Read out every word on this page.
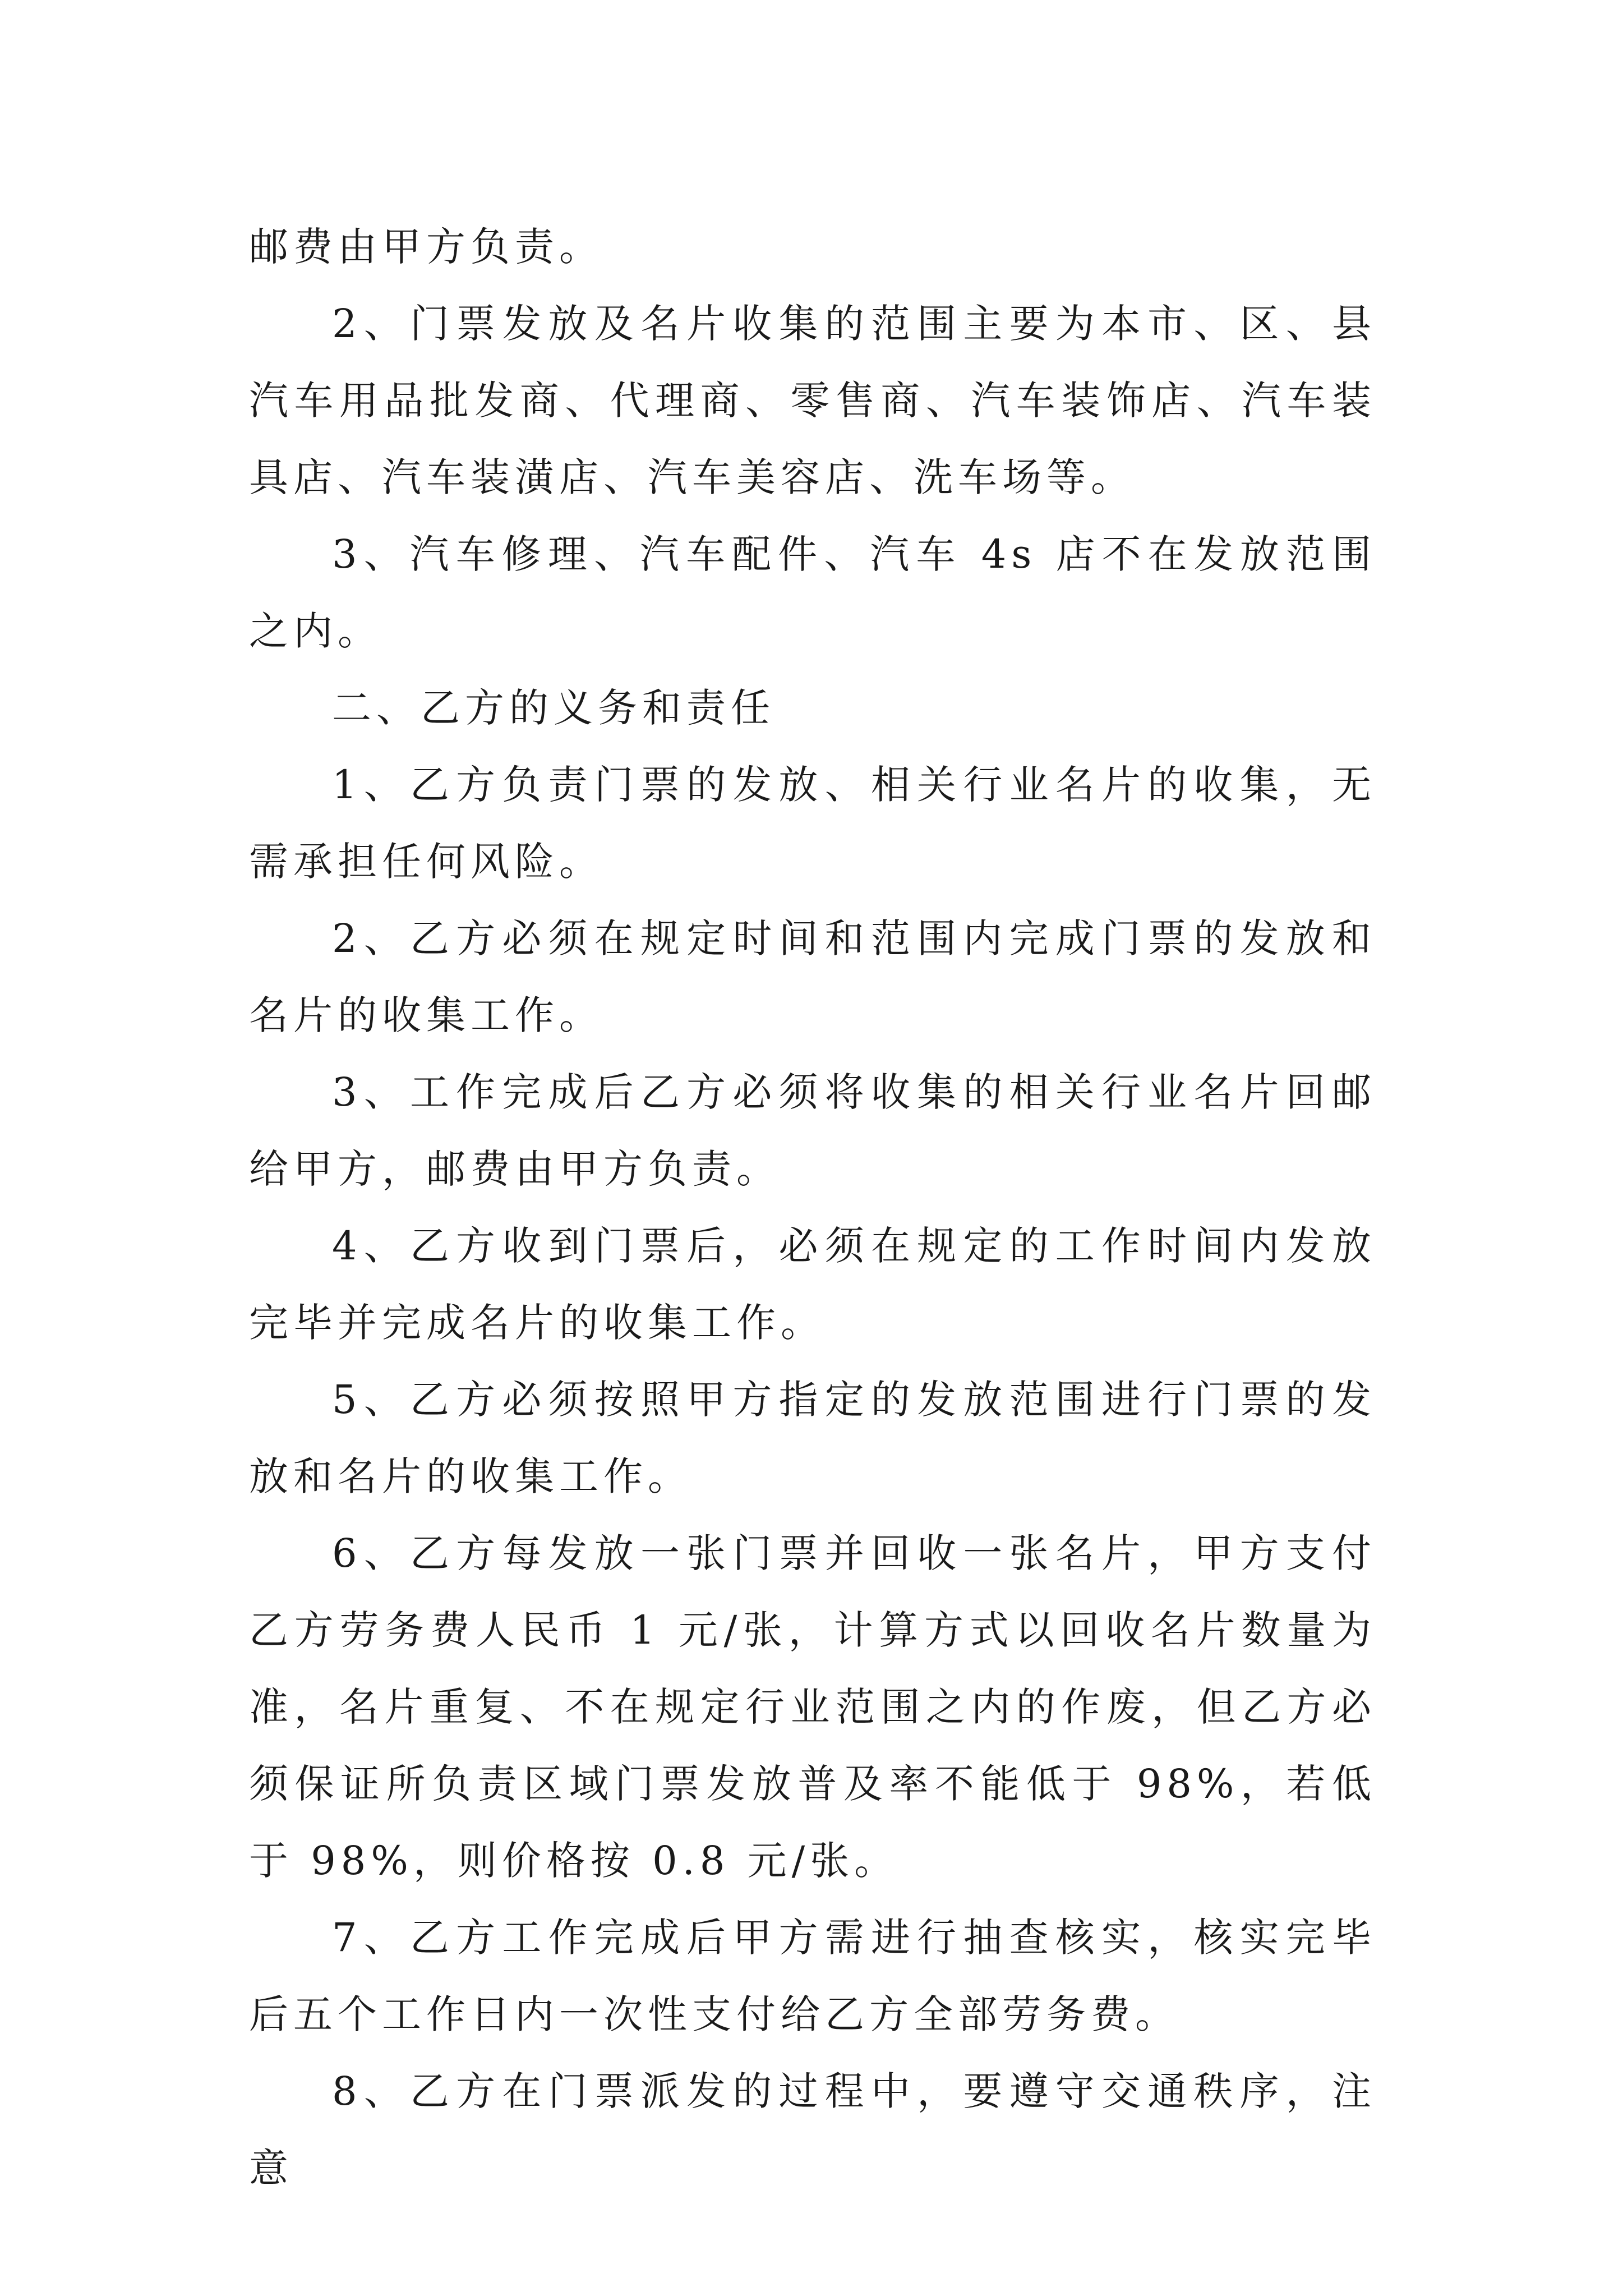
邮费由甲方负责。

2、门票发放及名片收集的范围主要为本市、区、县汽车用品批发商、代理商、零售商、汽车装饰店、汽车装具店、汽车装潢店、汽车美容店、洗车场等。

3、汽车修理、汽车配件、汽车 4s 店不在发放范围之内。

二、乙方的义务和责任

1、乙方负责门票的发放、相关行业名片的收集，无需承担任何风险。

2、乙方必须在规定时间和范围内完成门票的发放和名片的收集工作。

3、工作完成后乙方必须将收集的相关行业名片回邮给甲方，邮费由甲方负责。

4、乙方收到门票后，必须在规定的工作时间内发放完毕并完成名片的收集工作。

5、乙方必须按照甲方指定的发放范围进行门票的发放和名片的收集工作。

6、乙方每发放一张门票并回收一张名片，甲方支付乙方劳务费人民币 1 元/张，计算方式以回收名片数量为准，名片重复、不在规定行业范围之内的作废，但乙方必须保证所负责区域门票发放普及率不能低于 98%，若低于 98%，则价格按 0.8 元/张。

7、乙方工作完成后甲方需进行抽查核实，核实完毕后五个工作日内一次性支付给乙方全部劳务费。

8、乙方在门票派发的过程中，要遵守交通秩序，注意
